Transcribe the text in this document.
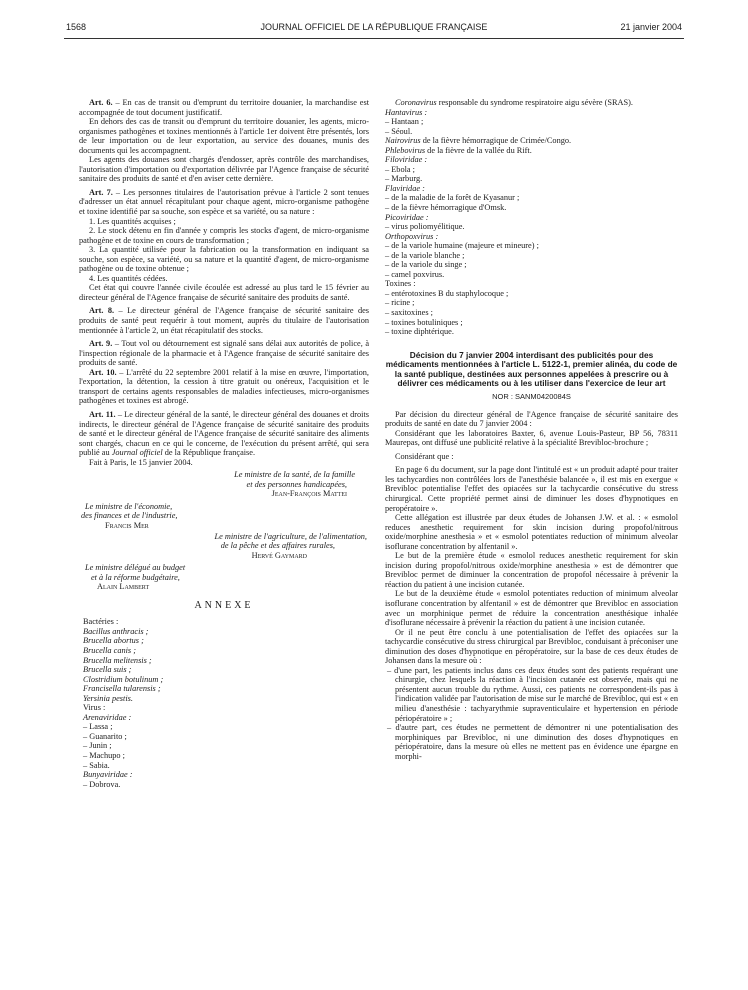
1568	JOURNAL OFFICIEL DE LA RÉPUBLIQUE FRANÇAISE	21 janvier 2004

Art. 6. – En cas de transit ou d'emprunt du territoire douanier, la marchandise est accompagnée de tout document justificatif.

En dehors des cas de transit ou d'emprunt du territoire douanier, les agents, micro-organismes pathogènes et toxines mentionnés à l'article 1er doivent être présentés, lors de leur importation ou de leur exportation, au service des douanes, munis des documents qui les accompagnent.

Les agents des douanes sont chargés d'endosser, après contrôle des marchandises, l'autorisation d'importation ou d'exportation délivrée par l'Agence française de sécurité sanitaire des produits de santé et d'en aviser cette dernière.

Art. 7. – Les personnes titulaires de l'autorisation prévue à l'article 2 sont tenues d'adresser un état annuel récapitulant pour chaque agent, micro-organisme pathogène et toxine identifié par sa souche, son espèce et sa variété, ou sa nature :

1. Les quantités acquises ;

2. Le stock détenu en fin d'année y compris les stocks d'agent, de micro-organisme pathogène et de toxine en cours de transformation ;

3. La quantité utilisée pour la fabrication ou la transformation en indiquant sa souche, son espèce, sa variété, ou sa nature et la quantité d'agent, de micro-organisme pathogène ou de toxine obtenue ;

4. Les quantités cédées.

Cet état qui couvre l'année civile écoulée est adressé au plus tard le 15 février au directeur général de l'Agence française de sécurité sanitaire des produits de santé.

Art. 8. – Le directeur général de l'Agence française de sécurité sanitaire des produits de santé peut requérir à tout moment, auprès du titulaire de l'autorisation mentionnée à l'article 2, un état récapitulatif des stocks.

Art. 9. – Tout vol ou détournement est signalé sans délai aux autorités de police, à l'inspection régionale de la pharmacie et à l'Agence française de sécurité sanitaire des produits de santé.

Art. 10. – L'arrêté du 22 septembre 2001 relatif à la mise en œuvre, l'importation, l'exportation, la détention, la cession à titre gratuit ou onéreux, l'acquisition et le transport de certains agents responsables de maladies infectieuses, micro-organismes pathogènes et toxines est abrogé.

Art. 11. – Le directeur général de la santé, le directeur général des douanes et droits indirects, le directeur général de l'Agence française de sécurité sanitaire des produits de santé et le directeur général de l'Agence française de sécurité sanitaire des aliments sont chargés, chacun en ce qui le concerne, de l'exécution du présent arrêté, qui sera publié au Journal officiel de la République française.

Fait à Paris, le 15 janvier 2004.

Le ministre de la santé, de la famille

et des personnes handicapées,

Jean-François Mattei

Le ministre de l'économie,

des finances et de l'industrie,

Francis Mer

Le ministre de l'agriculture, de l'alimentation,

de la pêche et des affaires rurales,

Hervé Gaymard

Le ministre délégué au budget

et à la réforme budgétaire,

Alain Lambert

ANNEXE

Bactéries :

Bacillus anthracis ;

Brucella abortus ;

Brucella canis ;

Brucella melitensis ;

Brucella suis ;

Clostridium botulinum ;

Francisella tularensis ;

Yersinia pestis.

Virus :

Arenaviridae :

– Lassa ;

– Guanarito ;

– Junin ;

– Machupo ;

– Sabia.

Bunyaviridae :

– Dobrova.

Coronavirus responsable du syndrome respiratoire aigu sévère (SRAS).

Hantavirus :

– Hantaan ;

– Séoul.

Nairovirus de la fièvre hémorragique de Crimée/Congo.

Phlebovirus de la fièvre de la vallée du Rift.

Filoviridae :

– Ebola ;

– Marburg.

Flaviridae :

– de la maladie de la forêt de Kyasanur ;

– de la fièvre hémorragique d'Omsk.

Picoviridae :

– virus poliomyélitique.

Orthopoxvirus :

– de la variole humaine (majeure et mineure) ;

– de la variole blanche ;

– de la variole du singe ;

– camel poxvirus.

Toxines :

– entérotoxines B du staphylocoque ;

– ricine ;

– saxitoxines ;

– toxines botuliniques ;

– toxine diphtérique.

Décision du 7 janvier 2004 interdisant des publicités pour des médicaments mentionnées à l'article L. 5122-1, premier alinéa, du code de la santé publique, destinées aux personnes appelées à prescrire ou à délivrer ces médicaments ou à les utiliser dans l'exercice de leur art

NOR : SANM0420084S

Par décision du directeur général de l'Agence française de sécurité sanitaire des produits de santé en date du 7 janvier 2004 :

Considérant que les laboratoires Baxter, 6, avenue Louis-Pasteur, BP 56, 78311 Maurepas, ont diffusé une publicité relative à la spécialité Brevibloc-brochure ;

Considérant que :

En page 6 du document, sur la page dont l'intitulé est « un produit adapté pour traiter les tachycardies non contrôlées lors de l'anesthésie balancée », il est mis en exergue « Brevibloc potentialise l'effet des opiacées sur la tachycardie consécutive du stress chirurgical. Cette propriété permet ainsi de diminuer les doses d'hypnotiques en peropératoire ».

Cette allégation est illustrée par deux études de Johansen J.W. et al. : « esmolol reduces anesthetic requirement for skin incision during propofol/nitrous oxide/morphine anesthesia » et « esmolol potentiates reduction of minimum alveolar isoflurane concentration by alfentanil ».

Le but de la première étude « esmolol reduces anesthetic requirement for skin incision during propofol/nitrous oxide/morphine anesthesia » est de démontrer que Brevibloc permet de diminuer la concentration de propofol nécessaire à prévenir la réaction du patient à une incision cutanée.

Le but de la deuxième étude « esmolol potentiates reduction of minimum alveolar isoflurane concentration by alfentanil » est de démontrer que Brevibloc en association avec un morphinique permet de réduire la concentration anesthésique inhalée d'isoflurane nécessaire à prévenir la réaction du patient à une incision cutanée.

Or il ne peut être conclu à une potentialisation de l'effet des opiacées sur la tachycardie consécutive du stress chirurgical par Brevibloc, conduisant à préconiser une diminution des doses d'hypnotique en péropératoire, sur la base de ces deux études de Johansen dans la mesure où :

– d'une part, les patients inclus dans ces deux études sont des patients requérant une chirurgie, chez lesquels la réaction à l'incision cutanée est observée, mais qui ne présentent aucun trouble du rythme. Aussi, ces patients ne correspondent-ils pas à l'indication validée par l'autorisation de mise sur le marché de Brevibloc, qui est « en milieu d'anesthésie : tachyarythmie supraventiculaire et hypertension en période périopératoire » ;

– d'autre part, ces études ne permettent de démontrer ni une potentialisation des morphiniques par Brevibloc, ni une diminution des doses d'hypnotiques en périopératoire, dans la mesure où elles ne mettent pas en évidence une épargne en morphi-
